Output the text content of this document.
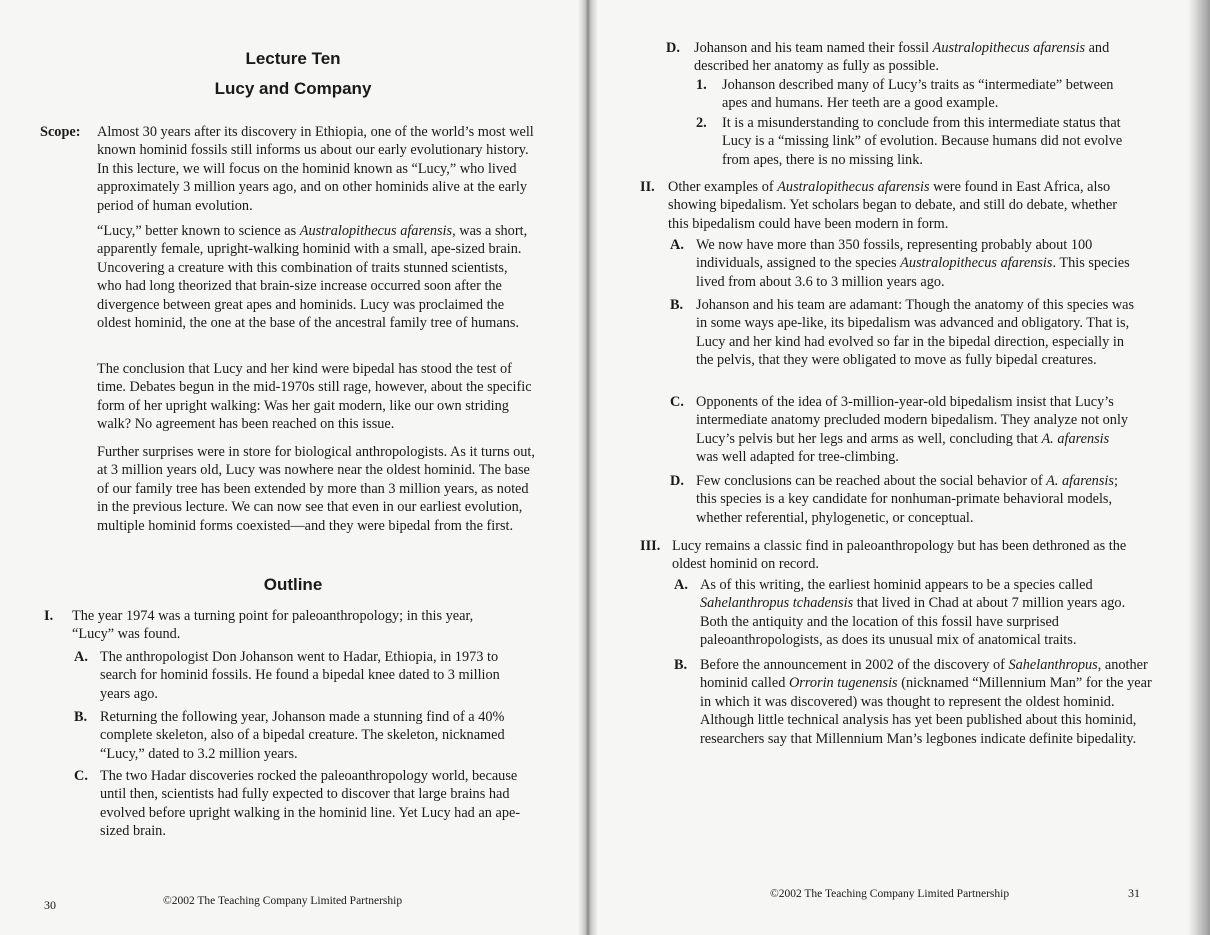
Lecture Ten
Lucy and Company
Scope: Almost 30 years after its discovery in Ethiopia, one of the world’s most well known hominid fossils still informs us about our early evolutionary history. In this lecture, we will focus on the hominid known as “Lucy,” who lived approximately 3 million years ago, and on other hominids alive at the early period of human evolution.

“Lucy,” better known to science as Australopithecus afarensis, was a short, apparently female, upright-walking hominid with a small, ape-sized brain. Uncovering a creature with this combination of traits stunned scientists, who had long theorized that brain-size increase occurred soon after the divergence between great apes and hominids. Lucy was proclaimed the oldest hominid, the one at the base of the ancestral family tree of humans.

The conclusion that Lucy and her kind were bipedal has stood the test of time. Debates begun in the mid-1970s still rage, however, about the specific form of her upright walking: Was her gait modern, like our own striding walk? No agreement has been reached on this issue.

Further surprises were in store for biological anthropologists. As it turns out, at 3 million years old, Lucy was nowhere near the oldest hominid. The base of our family tree has been extended by more than 3 million years, as noted in the previous lecture. We can now see that even in our earliest evolution, multiple hominid forms coexisted—and they were bipedal from the first.

Outline
I. The year 1974 was a turning point for paleoanthropology; in this year, “Lucy” was found.

A. The anthropologist Don Johanson went to Hadar, Ethiopia, in 1973 to search for hominid fossils. He found a bipedal knee dated to 3 million years ago.

B. Returning the following year, Johanson made a stunning find of a 40% complete skeleton, also of a bipedal creature. The skeleton, nicknamed “Lucy,” dated to 3.2 million years.

C. The two Hadar discoveries rocked the paleoanthropology world, because until then, scientists had fully expected to discover that large brains had evolved before upright walking in the hominid line. Yet Lucy had an ape-sized brain.

30	©2002 The Teaching Company Limited Partnership
D. Johanson and his team named their fossil Australopithecus afarensis and described her anatomy as fully as possible.

1. Johanson described many of Lucy’s traits as “intermediate” between apes and humans. Her teeth are a good example.

2. It is a misunderstanding to conclude from this intermediate status that Lucy is a “missing link” of evolution. Because humans did not evolve from apes, there is no missing link.

II. Other examples of Australopithecus afarensis were found in East Africa, also showing bipedalism. Yet scholars began to debate, and still do debate, whether this bipedalism could have been modern in form.

A. We now have more than 350 fossils, representing probably about 100 individuals, assigned to the species Australopithecus afarensis. This species lived from about 3.6 to 3 million years ago.

B. Johanson and his team are adamant: Though the anatomy of this species was in some ways ape-like, its bipedalism was advanced and obligatory. That is, Lucy and her kind had evolved so far in the bipedal direction, especially in the pelvis, that they were obligated to move as fully bipedal creatures.

C. Opponents of the idea of 3-million-year-old bipedalism insist that Lucy’s intermediate anatomy precluded modern bipedalism. They analyze not only Lucy’s pelvis but her legs and arms as well, concluding that A. afarensis was well adapted for tree-climbing.

D. Few conclusions can be reached about the social behavior of A. afarensis; this species is a key candidate for nonhuman-primate behavioral models, whether referential, phylogenetic, or conceptual.

III. Lucy remains a classic find in paleoanthropology but has been dethroned as the oldest hominid on record.

A. As of this writing, the earliest hominid appears to be a species called Sahelanthropus tchadensis that lived in Chad at about 7 million years ago. Both the antiquity and the location of this fossil have surprised paleoanthropologists, as does its unusual mix of anatomical traits.

B. Before the announcement in 2002 of the discovery of Sahelanthropus, another hominid called Orrorin tugenensis (nicknamed “Millennium Man” for the year in which it was discovered) was thought to represent the oldest hominid. Although little technical analysis has yet been published about this hominid, researchers say that Millennium Man’s legbones indicate definite bipedality.

©2002 The Teaching Company Limited Partnership	31
